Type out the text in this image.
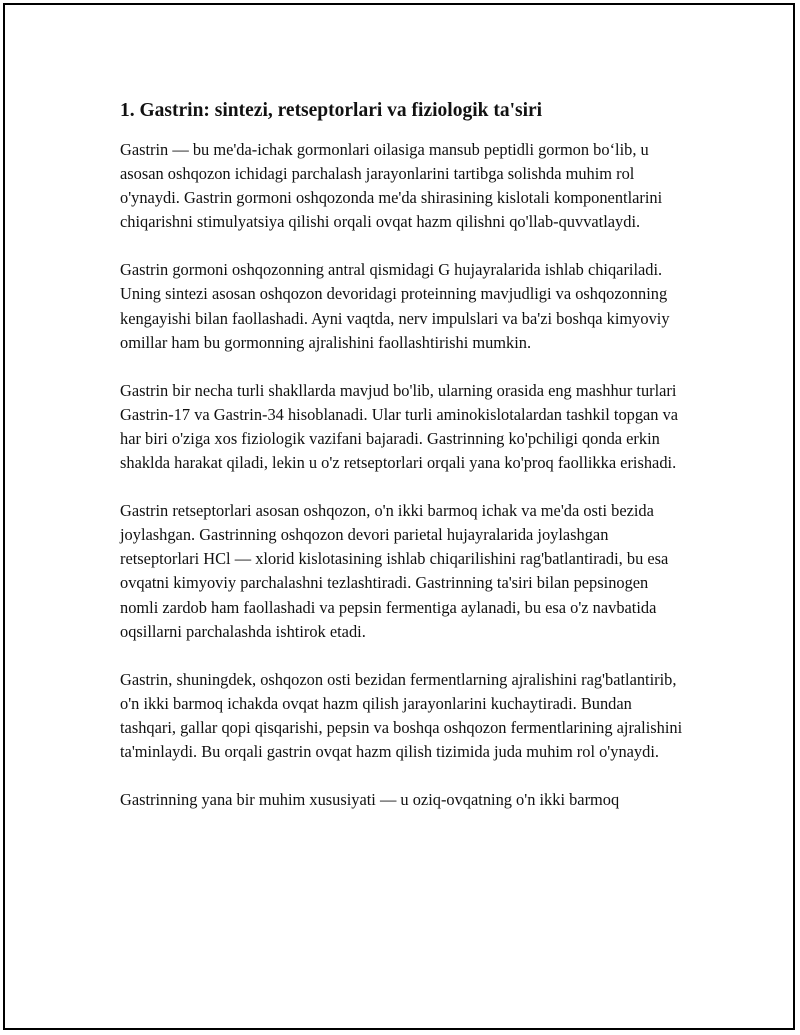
1. Gastrin: sintezi, retseptorlari va fiziologik ta'siri

Gastrin — bu me'da-ichak gormonlari oilasiga mansub peptidli gormon bo‘lib, u asosan oshqozon ichidagi parchalash jarayonlarini tartibga solishda muhim rol o'ynaydi. Gastrin gormoni oshqozonda me'da shirasining kislotali komponentlarini chiqarishni stimulyatsiya qilishi orqali ovqat hazm qilishni qo'llab-quvvatlaydi.

Gastrin gormoni oshqozonning antral qismidagi G hujayralarida ishlab chiqariladi. Uning sintezi asosan oshqozon devoridagi proteinning mavjudligi va oshqozonning kengayishi bilan faollashadi. Ayni vaqtda, nerv impulslari va ba'zi boshqa kimyoviy omillar ham bu gormonning ajralishini faollashtirishi mumkin.

Gastrin bir necha turli shakllarda mavjud bo'lib, ularning orasida eng mashhur turlari Gastrin-17 va Gastrin-34 hisoblanadi. Ular turli aminokislotalardan tashkil topgan va har biri o'ziga xos fiziologik vazifani bajaradi. Gastrinning ko'pchiligi qonda erkin shaklda harakat qiladi, lekin u o'z retseptorlari orqali yana ko'proq faollikka erishadi.

Gastrin retseptorlari asosan oshqozon, o'n ikki barmoq ichak va me'da osti bezida joylashgan. Gastrinning oshqozon devori parietal hujayralarida joylashgan retseptorlari HCl — xlorid kislotasining ishlab chiqarilishini rag'batlantiradi, bu esa ovqatni kimyoviy parchalashni tezlashtiradi. Gastrinning ta'siri bilan pepsinogen nomli zardob ham faollashadi va pepsin fermentiga aylanadi, bu esa o'z navbatida oqsillarni parchalashda ishtirok etadi.

Gastrin, shuningdek, oshqozon osti bezidan fermentlarning ajralishini rag'batlantirib, o'n ikki barmoq ichakda ovqat hazm qilish jarayonlarini kuchaytiradi. Bundan tashqari, gallar qopi qisqarishi, pepsin va boshqa oshqozon fermentlarining ajralishini ta'minlaydi. Bu orqali gastrin ovqat hazm qilish tizimida juda muhim rol o'ynaydi.

Gastrinning yana bir muhim xususiyati — u oziq-ovqatning o'n ikki barmoq
